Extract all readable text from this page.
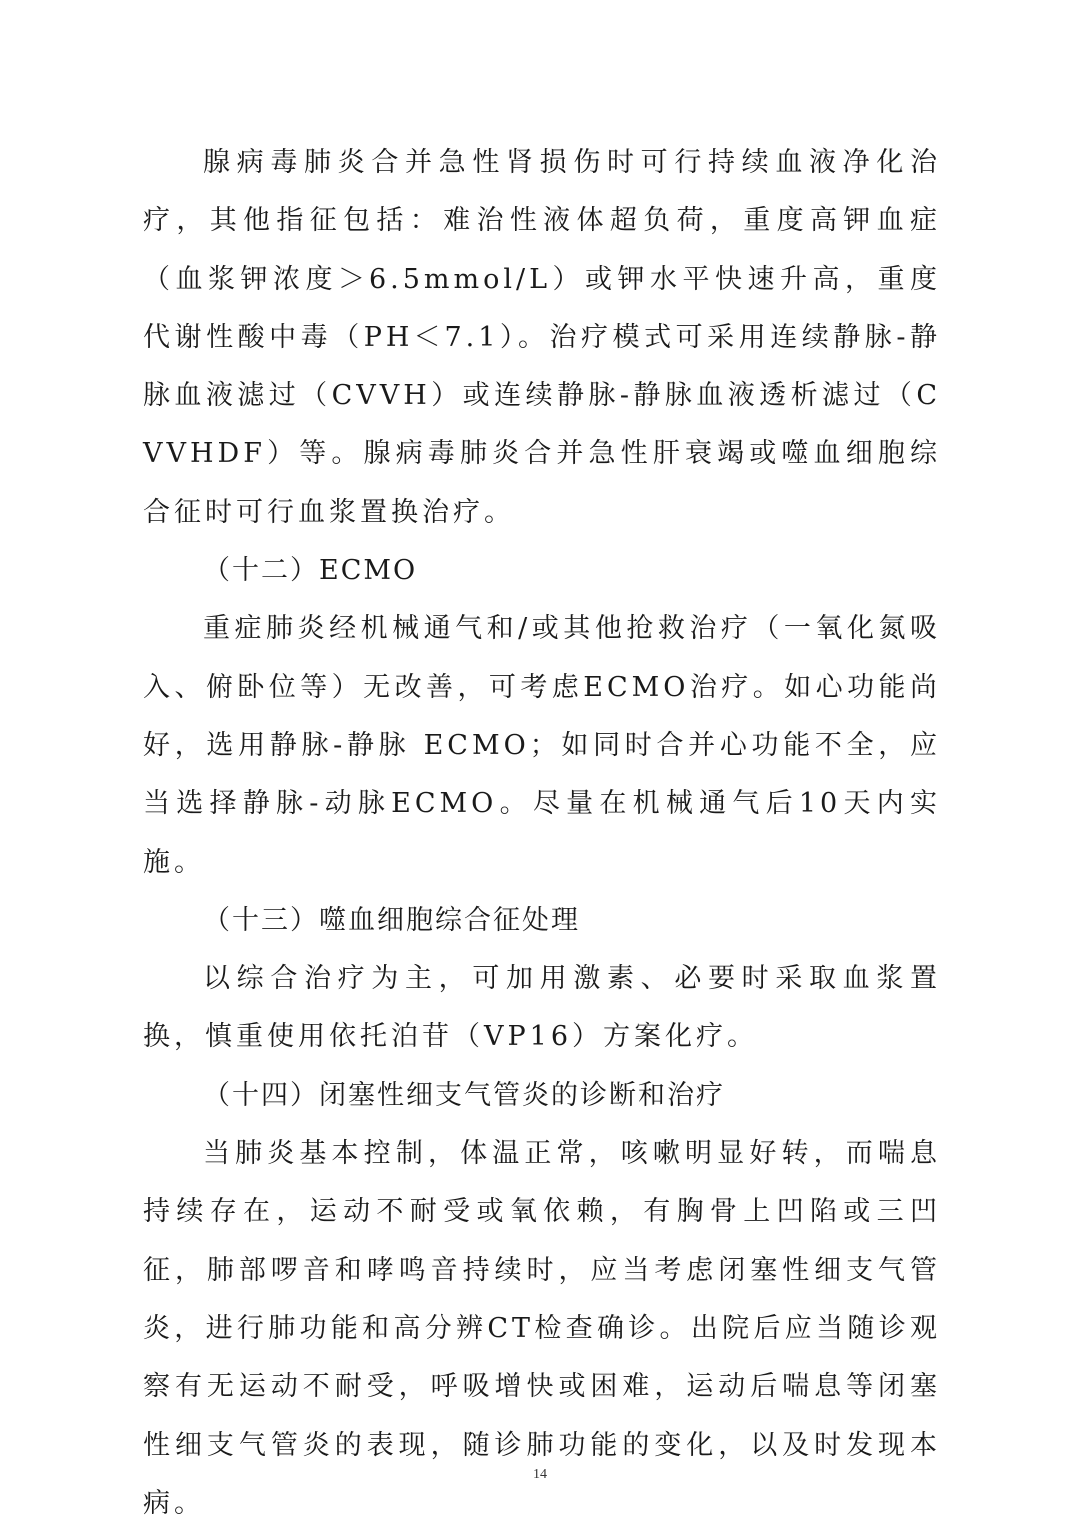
腺病毒肺炎合并急性肾损伤时可行持续血液净化治疗，其他指征包括：难治性液体超负荷，重度高钾血症（血浆钾浓度＞6.5mmol/L）或钾水平快速升高，重度代谢性酸中毒（PH＜7.1）。治疗模式可采用连续静脉-静脉血液滤过（CVVH）或连续静脉-静脉血液透析滤过（CVVHDF）等。腺病毒肺炎合并急性肝衰竭或噬血细胞综合征时可行血浆置换治疗。

（十二）ECMO

重症肺炎经机械通气和/或其他抢救治疗（一氧化氮吸入、俯卧位等）无改善，可考虑ECMO治疗。如心功能尚好，选用静脉-静脉 ECMO；如同时合并心功能不全，应当选择静脉-动脉ECMO。尽量在机械通气后10天内实施。

（十三）噬血细胞综合征处理

以综合治疗为主，可加用激素、必要时采取血浆置换，慎重使用依托泊苷（VP16）方案化疗。

（十四）闭塞性细支气管炎的诊断和治疗

当肺炎基本控制，体温正常，咳嗽明显好转，而喘息持续存在，运动不耐受或氧依赖，有胸骨上凹陷或三凹征，肺部啰音和哮鸣音持续时，应当考虑闭塞性细支气管炎，进行肺功能和高分辨CT检查确诊。出院后应当随诊观察有无运动不耐受，呼吸增快或困难，运动后喘息等闭塞性细支气管炎的表现，随诊肺功能的变化，以及时发现本病。

14
